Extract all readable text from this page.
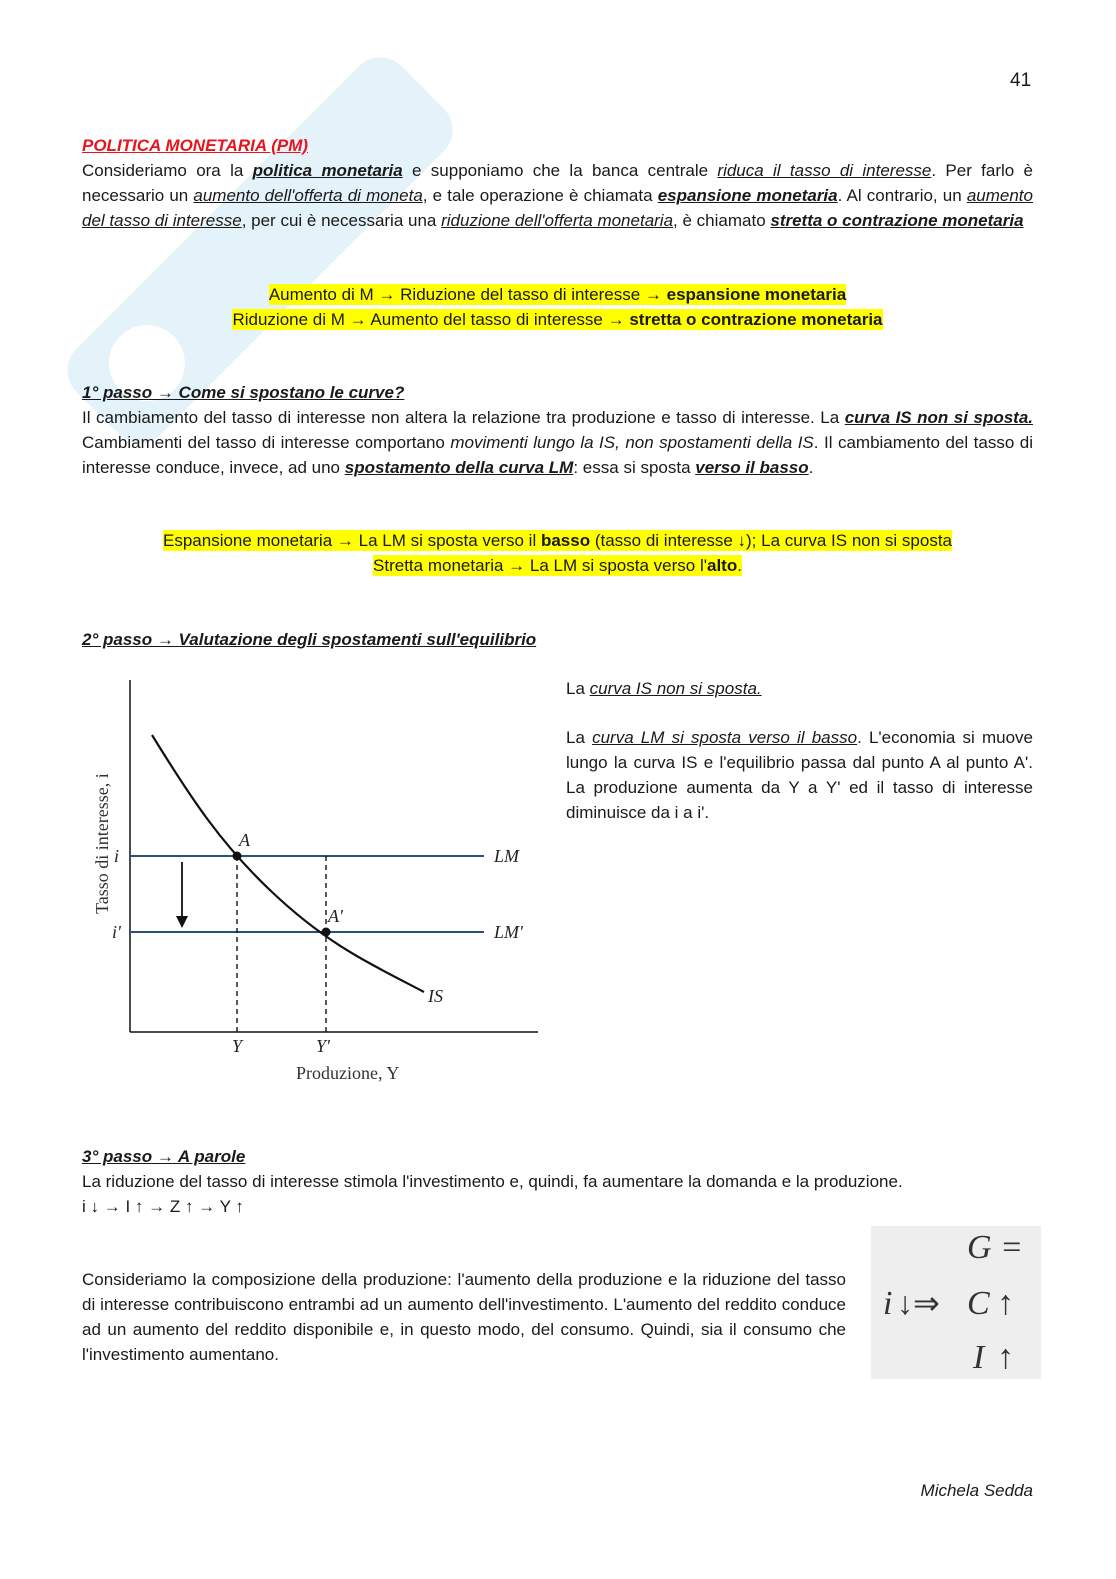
41
POLITICA MONETARIA (PM)
Consideriamo ora la politica monetaria e supponiamo che la banca centrale riduca il tasso di interesse. Per farlo è necessario un aumento dell'offerta di moneta, e tale operazione è chiamata espansione monetaria. Al contrario, un aumento del tasso di interesse, per cui è necessaria una riduzione dell'offerta monetaria, è chiamato stretta o contrazione monetaria
Aumento di M → Riduzione del tasso di interesse → espansione monetaria
Riduzione di M → Aumento del tasso di interesse → stretta o contrazione monetaria
1° passo → Come si spostano le curve?
Il cambiamento del tasso di interesse non altera la relazione tra produzione e tasso di interesse. La curva IS non si sposta. Cambiamenti del tasso di interesse comportano movimenti lungo la IS, non spostamenti della IS. Il cambiamento del tasso di interesse conduce, invece, ad uno spostamento della curva LM: essa si sposta verso il basso.
Espansione monetaria → La LM si sposta verso il basso (tasso di interesse ↓); La curva IS non si sposta
Stretta monetaria → La LM si sposta verso l'alto.
2° passo → Valutazione degli spostamenti sull'equilibrio
La curva IS non si sposta.
La curva LM si sposta verso il basso. L'economia si muove lungo la curva IS e l'equilibrio passa dal punto A al punto A'. La produzione aumenta da Y a Y' ed il tasso di interesse diminuisce da i a i'.
A
A'
LM
LM'
IS
i
i'
Y	Y'
Produzione, Y
Tasso di interesse, i
3° passo → A parole
La riduzione del tasso di interesse stimola l'investimento e, quindi, fa aumentare la domanda e la produzione.
i ↓ → I ↑ → Z ↑ → Y ↑
Consideriamo la composizione della produzione: l'aumento della produzione e la riduzione del tasso di interesse contribuiscono entrambi ad un aumento dell'investimento. L'aumento del reddito conduce ad un aumento del reddito disponibile e, in questo modo, del consumo. Quindi, sia il consumo che l'investimento aumentano.
G =
i ↓⇒ C ↑
I ↑
Michela Sedda
